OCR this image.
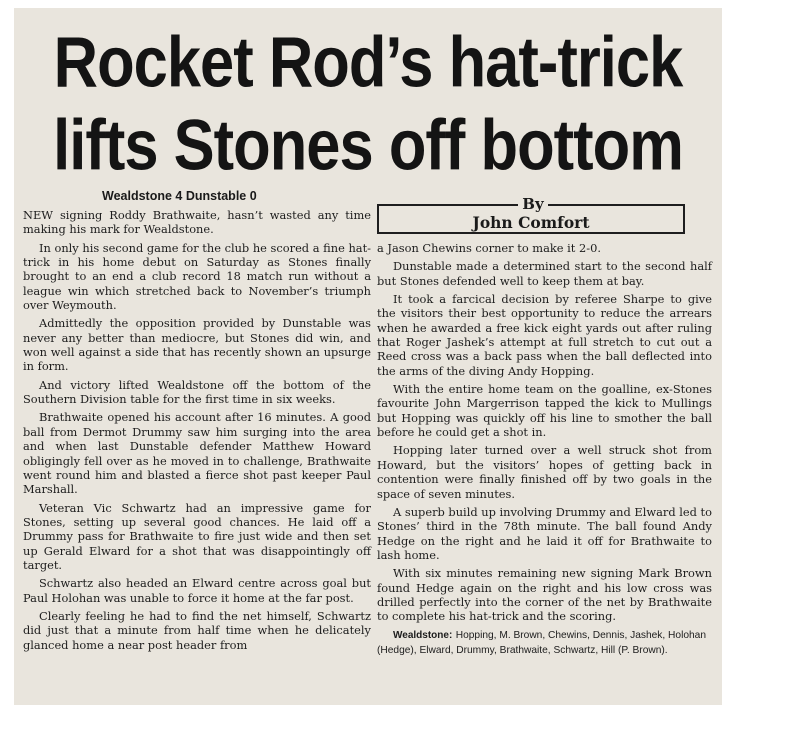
Rocket Rod’s hat-trick
lifts Stones off bottom
Wealdstone 4 Dunstable 0	By
John Comfort

NEW signing Roddy Brathwaite, hasn’t wasted any time making his mark for Wealdstone.

In only his second game for the club he scored a fine hat-trick in his home debut on Saturday as Stones finally brought to an end a club record 18 match run without a league win which stretched back to November’s triumph over Weymouth.

Admittedly the opposition provided by Dunstable was never any better than mediocre, but Stones did win, and won well against a side that has recently shown an upsurge in form.

And victory lifted Wealdstone off the bottom of the Southern Division table for the first time in six weeks.

Brathwaite opened his account after 16 minutes. A good ball from Dermot Drummy saw him surging into the area and when last Dunstable defender Matthew Howard obligingly fell over as he moved in to challenge, Brathwaite went round him and blasted a fierce shot past keeper Paul Marshall.

Veteran Vic Schwartz had an impressive game for Stones, setting up several good chances. He laid off a Drummy pass for Brathwaite to fire just wide and then set up Gerald Elward for a shot that was disappointingly off target.

Schwartz also headed an Elward centre across goal but Paul Holohan was unable to force it home at the far post.

Clearly feeling he had to find the net himself, Schwartz did just that a minute from half time when he delicately glanced home a near post header from

a Jason Chewins corner to make it 2-0.

Dunstable made a determined start to the second half but Stones defended well to keep them at bay.

It took a farcical decision by referee Sharpe to give the visitors their best opportunity to reduce the arrears when he awarded a free kick eight yards out after ruling that Roger Jashek’s attempt at full stretch to cut out a Reed cross was a back pass when the ball deflected into the arms of the diving Andy Hopping.

With the entire home team on the goalline, ex-Stones favourite John Margerrison tapped the kick to Mullings but Hopping was quickly off his line to smother the ball before he could get a shot in.

Hopping later turned over a well struck shot from Howard, but the visitors’ hopes of getting back in contention were finally finished off by two goals in the space of seven minutes.

A superb build up involving Drummy and Elward led to Stones’ third in the 78th minute. The ball found Andy Hedge on the right and he laid it off for Brathwaite to lash home.

With six minutes remaining new signing Mark Brown found Hedge again on the right and his low cross was drilled perfectly into the corner of the net by Brathwaite to complete his hat-trick and the scoring.

Wealdstone: Hopping, M. Brown, Chewins, Dennis, Jashek, Holohan (Hedge), Elward, Drummy, Brathwaite, Schwartz, Hill (P. Brown).
